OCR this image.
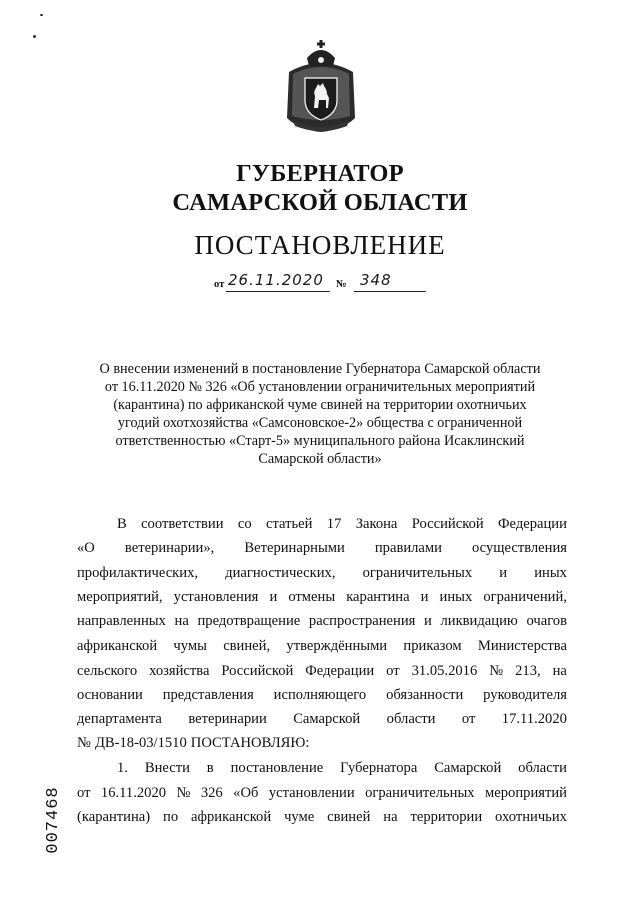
ГУБЕРНАТОР
САМАРСКОЙ ОБЛАСТИ
ПОСТАНОВЛЕНИЕ
от 26.11.2020 № 348
О внесении изменений в постановление Губернатора Самарской области
от 16.11.2020 № 326 «Об установлении ограничительных мероприятий
(карантина) по африканской чуме свиней на территории охотничьих
угодий охотхозяйства «Самсоновское-2» общества с ограниченной
ответственностью «Старт-5» муниципального района Исаклинский
Самарской области»
В соответствии со статьей 17 Закона Российской Федерации
«О ветеринарии», Ветеринарными правилами осуществления
профилактических, диагностических, ограничительных и иных
мероприятий, установления и отмены карантина и иных ограничений,
направленных на предотвращение распространения и ликвидацию очагов
африканской чумы свиней, утверждёнными приказом Министерства
сельского хозяйства Российской Федерации от 31.05.2016 № 213, на
основании представления исполняющего обязанности руководителя
департамента ветеринарии Самарской области от 17.11.2020
№ ДВ-18-03/1510 ПОСТАНОВЛЯЮ:
1. Внести в постановление Губернатора Самарской области
от 16.11.2020 № 326 «Об установлении ограничительных мероприятий
(карантина) по африканской чуме свиней на территории охотничьих
007468
